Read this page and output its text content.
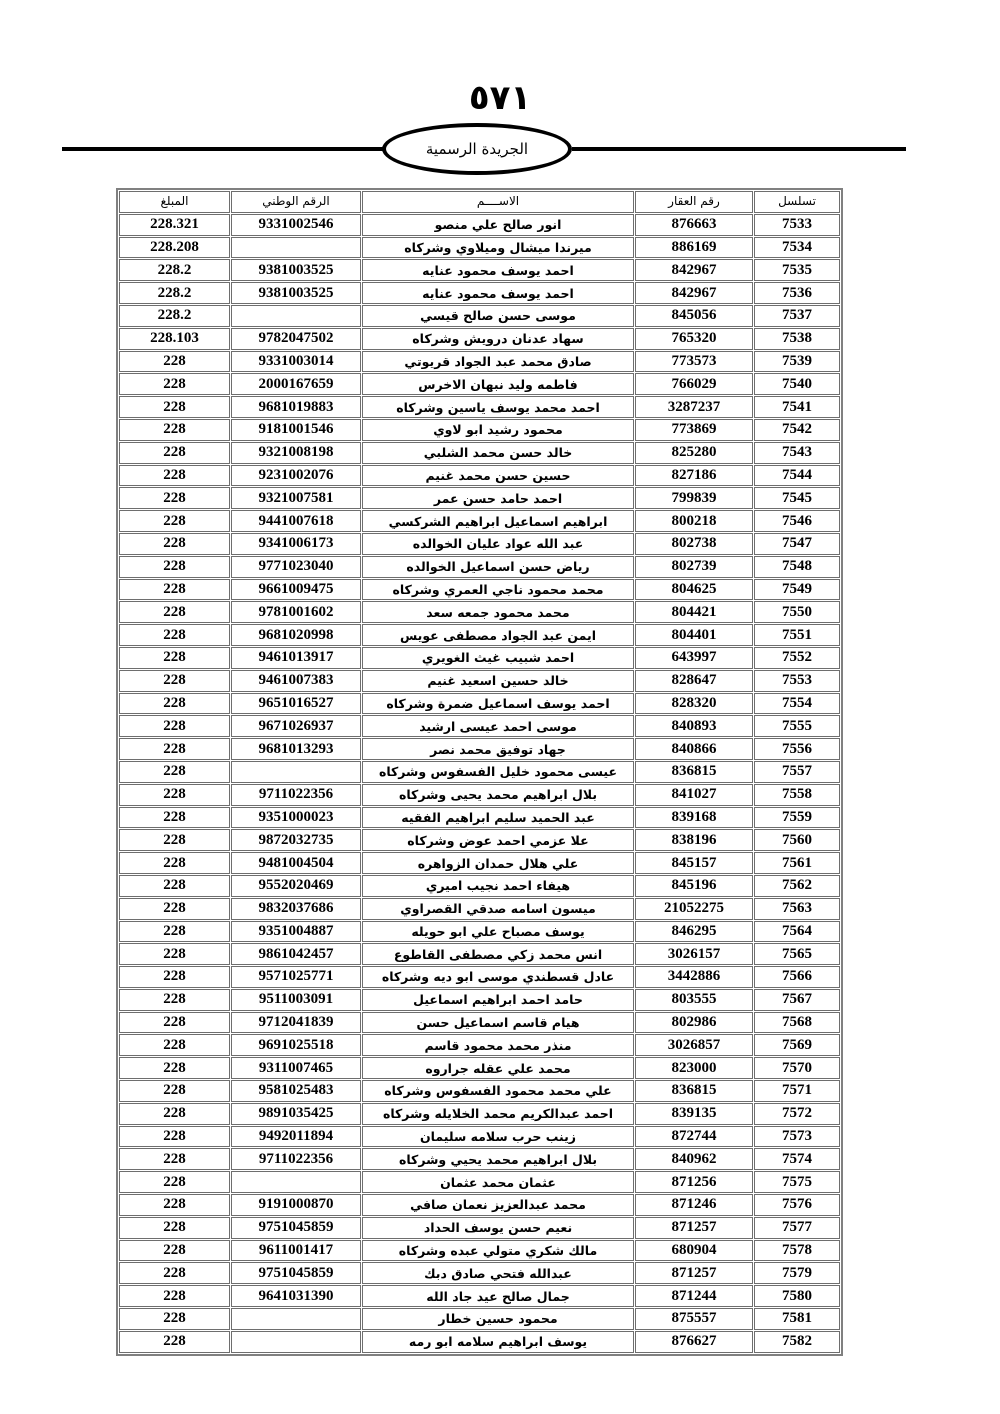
٥٧١
الجريدة الرسمية
المبلغ	الرقم الوطني	الاســــم	رقم العقار	تسلسل
228.321	9331002546	انور صالح علي منصو	876663	7533
228.208		ميرندا ميشال وميلاوي وشركاه	886169	7534
228.2	9381003525	احمد يوسف محمود عنايه	842967	7535
228.2	9381003525	احمد يوسف محمود عنايه	842967	7536
228.2		موسى حسن صالح قيسي	845056	7537
228.103	9782047502	سهاد عدنان درويش وشركاه	765320	7538
228	9331003014	صادق محمد عبد الجواد قريوتي	773573	7539
228	2000167659	فاطمه وليد نبهان الاخرس	766029	7540
228	9681019883	احمد محمد يوسف ياسين وشركاه	3287237	7541
228	9181001546	محمود رشيد ابو لاوي	773869	7542
228	9321008198	خالد حسن محمد الشلبي	825280	7543
228	9231002076	حسين حسن محمد غنيم	827186	7544
228	9321007581	احمد حامد حسن عمر	799839	7545
228	9441007618	ابراهيم اسماعيل ابراهيم الشركسي	800218	7546
228	9341006173	عبد الله عواد عليان الخوالده	802738	7547
228	9771023040	رياض حسن اسماعيل الخوالده	802739	7548
228	9661009475	محمد محمود ناجي العمري وشركاه	804625	7549
228	9781001602	محمد محمود جمعه سعد	804421	7550
228	9681020998	ايمن عبد الجواد مصطفى عويس	804401	7551
228	9461013917	احمد شبيب غيث الغويري	643997	7552
228	9461007383	خالد حسين اسعيد غنيم	828647	7553
228	9651016527	احمد يوسف اسماعيل ضمرة وشركاه	828320	7554
228	9671026937	موسى احمد عيسى ارشيد	840893	7555
228	9681013293	جهاد توفيق محمد نصر	840866	7556
228		عيسى محمود خليل الفسفوس وشركاه	836815	7557
228	9711022356	بلال ابراهيم محمد يحيى وشركاه	841027	7558
228	9351000023	عبد الحميد سليم ابراهيم الفقيه	839168	7559
228	9872032735	علا عزمي احمد عوض وشركاه	838196	7560
228	9481004504	علي هلال حمدان الزواهره	845157	7561
228	9552020469	هيفاء احمد نجيب اميري	845196	7562
228	9832037686	ميسون اسامه صدقي القصراوي	21052275	7563
228	9351004887	يوسف مصباح علي ابو حويله	846295	7564
228	9861042457	انس محمد زكي مصطفى القاطوع	3026157	7565
228	9571025771	عادل قسطندي موسى ابو ديه وشركاه	3442886	7566
228	9511003091	حامد احمد ابراهيم اسماعيل	803555	7567
228	9712041839	هيام قاسم اسماعيل حسن	802986	7568
228	9691025518	منذر محمد محمود قاسم	3026857	7569
228	9311007465	محمد علي عقله جراروه	823000	7570
228	9581025483	علي محمد محمود الفسفوس وشركاه	836815	7571
228	9891035425	احمد عبدالكريم محمد الخلايله وشركاه	839135	7572
228	9492011894	زينب حرب سلامه سليمان	872744	7573
228	9711022356	بلال ابراهيم محمد يحيي وشركاه	840962	7574
228		عثمان محمد عثمان	871256	7575
228	9191000870	محمد عبدالعزيز نعمان صافي	871246	7576
228	9751045859	نعيم حسن يوسف الحداد	871257	7577
228	9611001417	مالك شكري متولي عبده وشركاه	680904	7578
228	9751045859	عبدالله فتحي صادق دبك	871257	7579
228	9641031390	جمال صالح عيد جاد الله	871244	7580
228		محمود حسين خطار	875557	7581
228		يوسف ابراهيم سلامه ابو رمه	876627	7582
